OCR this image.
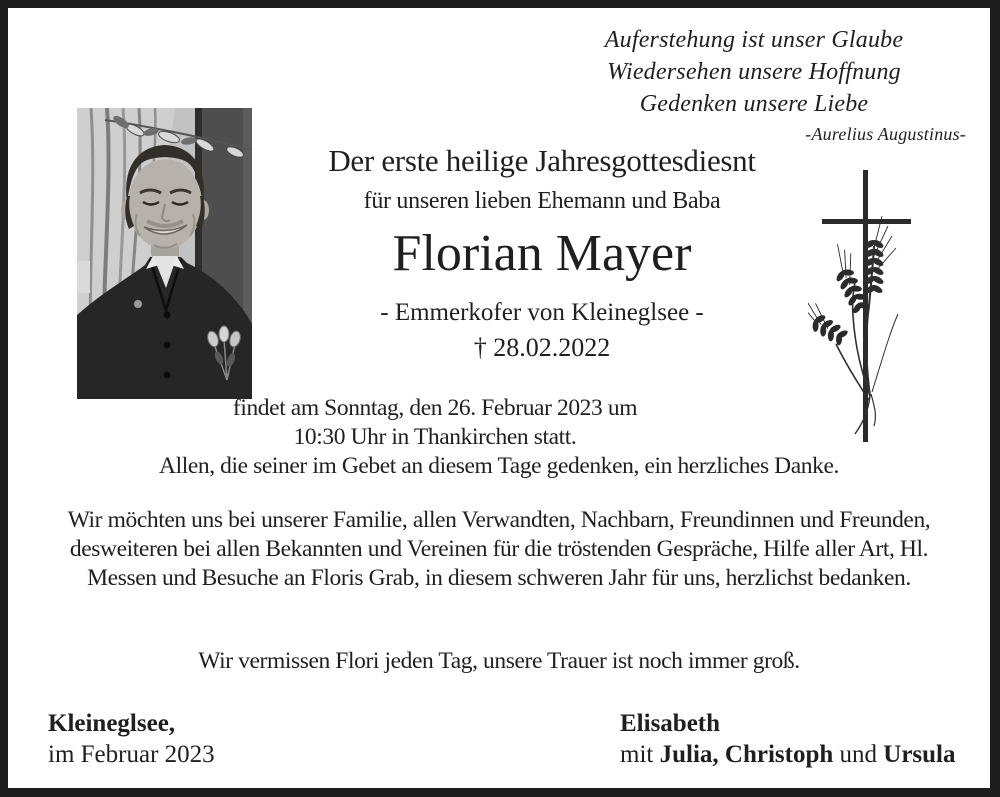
Auferstehung ist unser Glaube
Wiedersehen unsere Hoffnung
Gedenken unsere Liebe
-Aurelius Augustinus-
Der erste heilige Jahresgottesdiesnt
für unseren lieben Ehemann und Baba
Florian Mayer
- Emmerkofer von Kleineglsee -
† 28.02.2022
findet am Sonntag, den 26. Februar 2023 um
10:30 Uhr in Thankirchen statt.
Allen, die seiner im Gebet an diesem Tage gedenken, ein herzliches Danke.
Wir möchten uns bei unserer Familie, allen Verwandten, Nachbarn, Freundinnen und Freunden, desweiteren bei allen Bekannten und Vereinen für die tröstenden Gespräche, Hilfe aller Art, Hl. Messen und Besuche an Floris Grab, in diesem schweren Jahr für uns, herzlichst bedanken.
Wir vermissen Flori jeden Tag, unsere Trauer ist noch immer groß.
Kleineglsee,
im Februar 2023
Elisabeth
mit Julia, Christoph und Ursula
